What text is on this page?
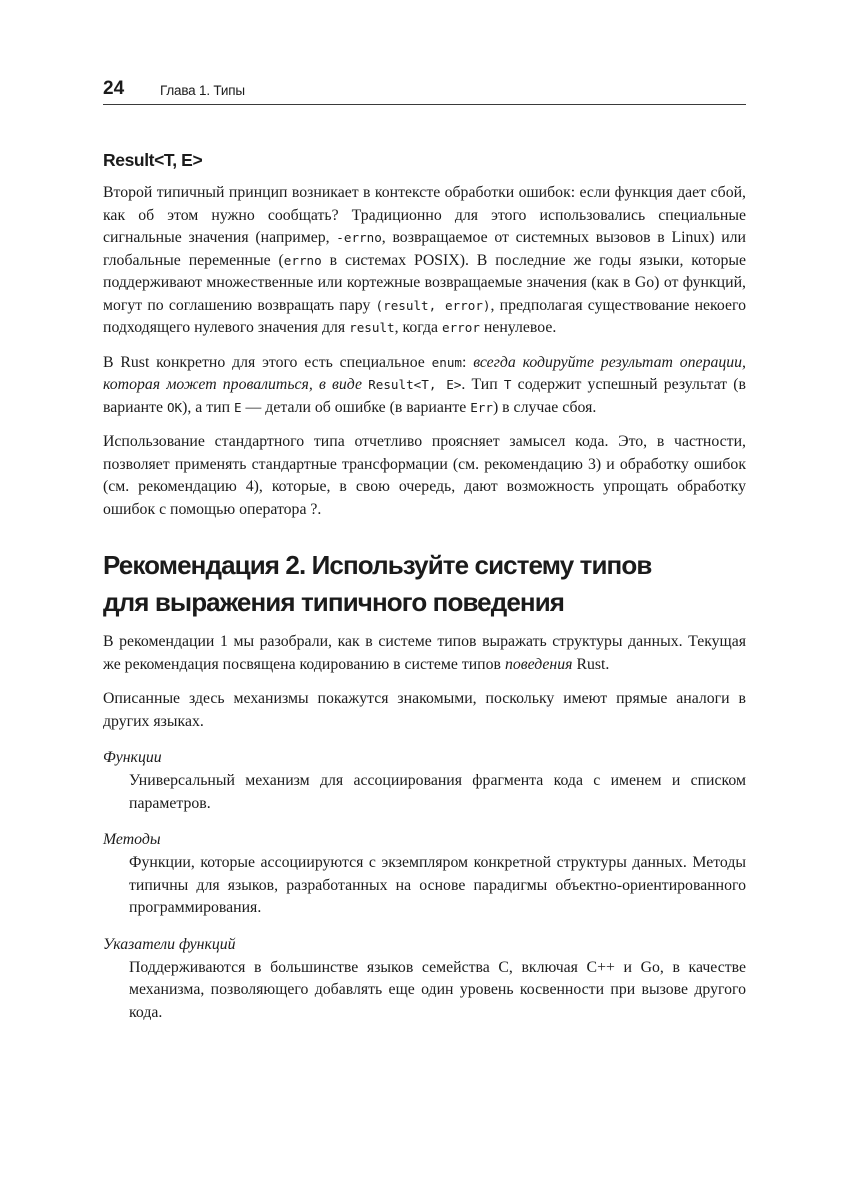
24	Глава 1. Типы
Result<T, E>

Второй типичный принцип возникает в контексте обработки ошибок: если функция дает сбой, как об этом нужно сообщать? Традиционно для этого использовались специальные сигнальные значения (например, -errno, возвращаемое от системных вызовов в Linux) или глобальные переменные (errno в системах POSIX). В последние же годы языки, которые поддерживают множественные или кортежные возвращаемые значения (как в Go) от функций, могут по соглашению возвращать пару (result, error), предполагая существование некоего подходящего нулевого значения для result, когда error ненулевое.

В Rust конкретно для этого есть специальное enum: всегда кодируйте результат операции, которая может провалиться, в виде Result<T, E>. Тип T содержит успешный результат (в варианте OK), а тип E — детали об ошибке (в варианте Err) в случае сбоя.

Использование стандартного типа отчетливо проясняет замысел кода. Это, в частности, позволяет применять стандартные трансформации (см. рекомендацию 3) и обработку ошибок (см. рекомендацию 4), которые, в свою очередь, дают возможность упрощать обработку ошибок с помощью оператора ?.

Рекомендация 2. Используйте систему типов
для выражения типичного поведения

В рекомендации 1 мы разобрали, как в системе типов выражать структуры данных. Текущая же рекомендация посвящена кодированию в системе типов поведения Rust.

Описанные здесь механизмы покажутся знакомыми, поскольку имеют прямые аналоги в других языках.

Функции
Универсальный механизм для ассоциирования фрагмента кода с именем и списком параметров.
Методы
Функции, которые ассоциируются с экземпляром конкретной структуры данных. Методы типичны для языков, разработанных на основе парадигмы объектно-ориентированного программирования.
Указатели функций
Поддерживаются в большинстве языков семейства C, включая C++ и Go, в качестве механизма, позволяющего добавлять еще один уровень косвенности при вызове другого кода.
